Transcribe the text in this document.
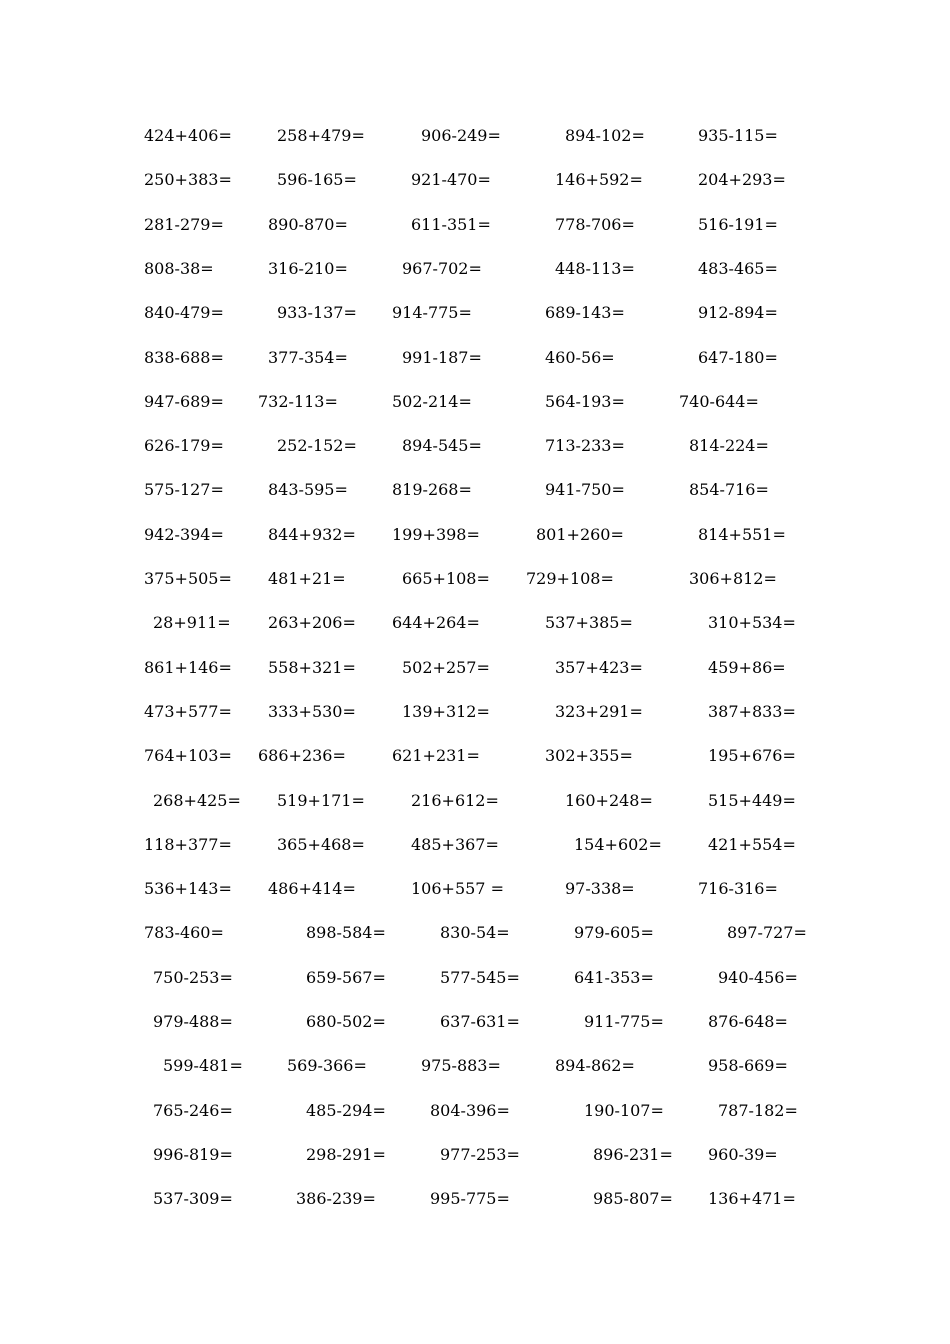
424+406=	258+479=	906-249=	894-102=	935-115=
250+383=	596-165=	921-470=	146+592=	204+293=
281-279=	890-870=	611-351=	778-706=	516-191=
808-38=	316-210=	967-702=	448-113=	483-465=
840-479=	933-137= 914-775=	689-143=	912-894=
838-688=	377-354=	991-187=	460-56=	647-180=
947-689= 732-113=	502-214=	564-193=	740-644=
626-179=	252-152=	894-545=	713-233=	814-224=
575-127=	843-595=	819-268=	941-750=	854-716=
942-394=	844+932= 199+398=	801+260=	814+551=
375+505= 481+21=	665+108= 729+108=	306+812=
28+911= 263+206= 644+264=	537+385=	310+534=
861+146= 558+321=	502+257=	357+423=	459+86=
473+577= 333+530=	139+312=	323+291=	387+833=
764+103= 686+236=	621+231=	302+355=	195+676=
268+425= 519+171=	216+612=	160+248=	515+449=
118+377=	365+468=	485+367=	154+602=	421+554=
536+143= 486+414=	106+557 =	97-338=	716-316=
783-460=	898-584=	830-54=	979-605=	897-727=
750-253=	659-567=	577-545=	641-353=	940-456=
979-488=	680-502=	637-631=	911-775=	876-648=
599-481=	569-366=	975-883=	894-862=	958-669=
765-246=	485-294=	804-396=	190-107=	787-182=
996-819=	298-291=	977-253=	896-231= 960-39=
537-309=	386-239=	995-775=	985-807= 136+471=
